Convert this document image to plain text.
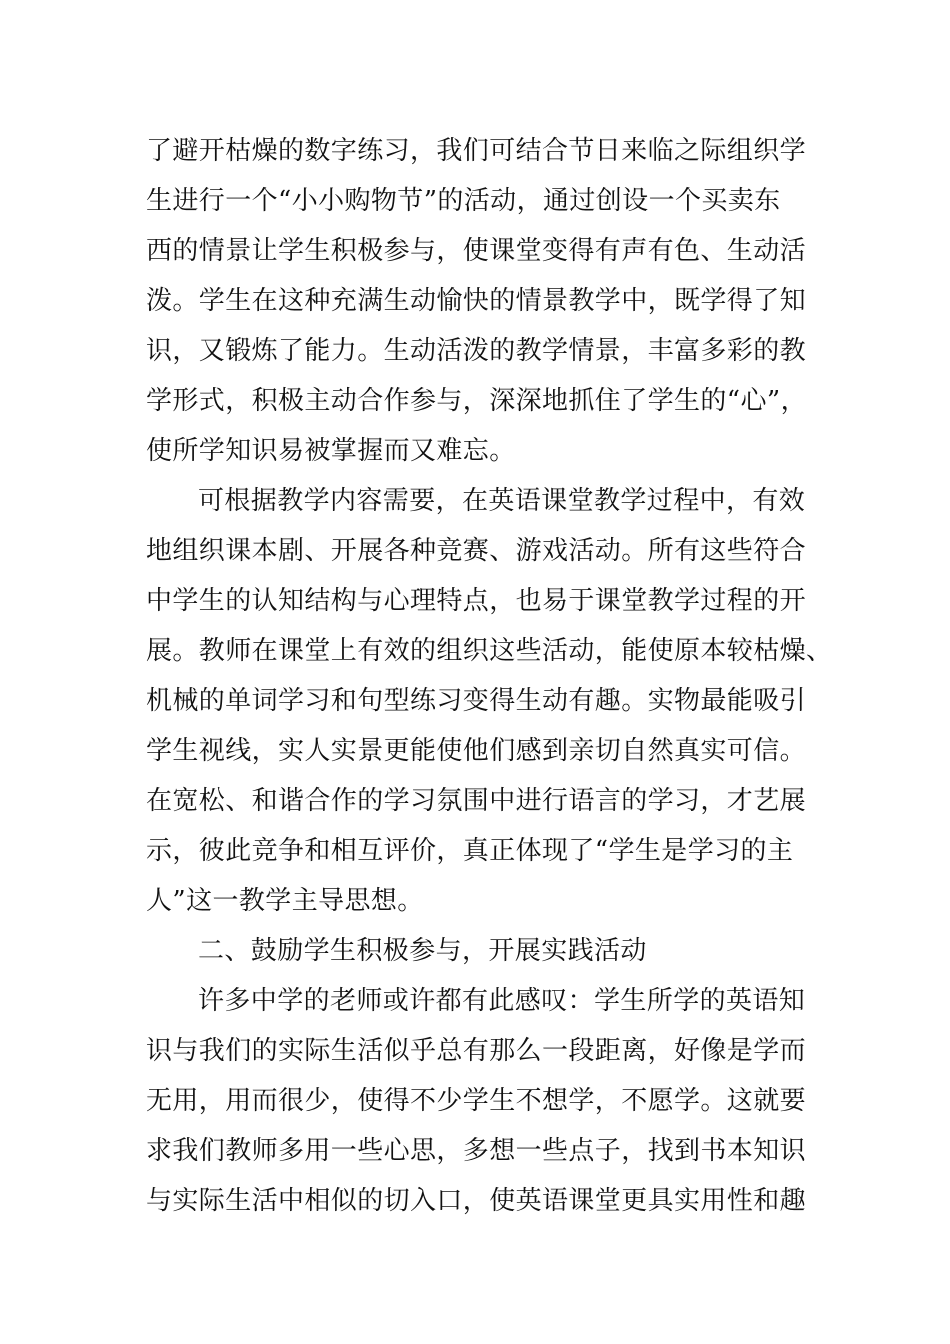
了避开枯燥的数字练习，我们可结合节日来临之际组织学
生进行一个“小小购物节”的活动，通过创设一个买卖东
西的情景让学生积极参与，使课堂变得有声有色、生动活
泼。学生在这种充满生动愉快的情景教学中，既学得了知
识，又锻炼了能力。生动活泼的教学情景，丰富多彩的教
学形式，积极主动合作参与，深深地抓住了学生的“心”，
使所学知识易被掌握而又难忘。
可根据教学内容需要，在英语课堂教学过程中，有效
地组织课本剧、开展各种竞赛、游戏活动。所有这些符合
中学生的认知结构与心理特点，也易于课堂教学过程的开
展。教师在课堂上有效的组织这些活动，能使原本较枯燥、
机械的单词学习和句型练习变得生动有趣。实物最能吸引
学生视线，实人实景更能使他们感到亲切自然真实可信。
在宽松、和谐合作的学习氛围中进行语言的学习，才艺展
示，彼此竞争和相互评价，真正体现了“学生是学习的主
人”这一教学主导思想。
二、鼓励学生积极参与，开展实践活动
许多中学的老师或许都有此感叹：学生所学的英语知
识与我们的实际生活似乎总有那么一段距离，好像是学而
无用，用而很少，使得不少学生不想学，不愿学。这就要
求我们教师多用一些心思，多想一些点子，找到书本知识
与实际生活中相似的切入口，使英语课堂更具实用性和趣
